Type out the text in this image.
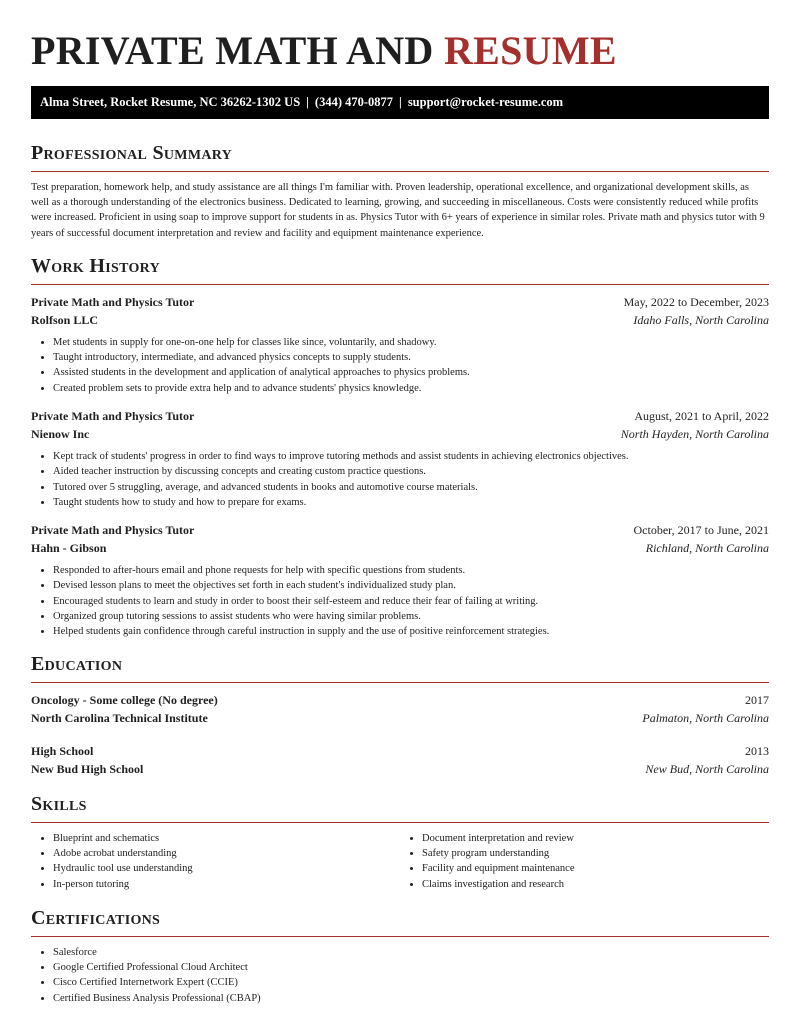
PRIVATE MATH AND RESUME
Alma Street, Rocket Resume, NC 36262-1302 US | (344) 470-0877 | support@rocket-resume.com
Professional Summary
Test preparation, homework help, and study assistance are all things I'm familiar with. Proven leadership, operational excellence, and organizational development skills, as well as a thorough understanding of the electronics business. Dedicated to learning, growing, and succeeding in miscellaneous. Costs were consistently reduced while profits were increased. Proficient in using soap to improve support for students in as. Physics Tutor with 6+ years of experience in similar roles. Private math and physics tutor with 9 years of successful document interpretation and review and facility and equipment maintenance experience.
Work History
Private Math and Physics Tutor	May, 2022 to December, 2023
Rolfson LLC	Idaho Falls, North Carolina
• Met students in supply for one-on-one help for classes like since, voluntarily, and shadowy.
• Taught introductory, intermediate, and advanced physics concepts to supply students.
• Assisted students in the development and application of analytical approaches to physics problems.
• Created problem sets to provide extra help and to advance students' physics knowledge.
Private Math and Physics Tutor	August, 2021 to April, 2022
Nienow Inc	North Hayden, North Carolina
• Kept track of students' progress in order to find ways to improve tutoring methods and assist students in achieving electronics objectives.
• Aided teacher instruction by discussing concepts and creating custom practice questions.
• Tutored over 5 struggling, average, and advanced students in books and automotive course materials.
• Taught students how to study and how to prepare for exams.
Private Math and Physics Tutor	October, 2017 to June, 2021
Hahn - Gibson	Richland, North Carolina
• Responded to after-hours email and phone requests for help with specific questions from students.
• Devised lesson plans to meet the objectives set forth in each student's individualized study plan.
• Encouraged students to learn and study in order to boost their self-esteem and reduce their fear of failing at writing.
• Organized group tutoring sessions to assist students who were having similar problems.
• Helped students gain confidence through careful instruction in supply and the use of positive reinforcement strategies.
Education
Oncology - Some college (No degree)	2017
North Carolina Technical Institute	Palmaton, North Carolina
High School	2013
New Bud High School	New Bud, North Carolina
Skills
• Blueprint and schematics
• Adobe acrobat understanding
• Hydraulic tool use understanding
• In-person tutoring
• Document interpretation and review
• Safety program understanding
• Facility and equipment maintenance
• Claims investigation and research
Certifications
• Salesforce
• Google Certified Professional Cloud Architect
• Cisco Certified Internetwork Expert (CCIE)
• Certified Business Analysis Professional (CBAP)
